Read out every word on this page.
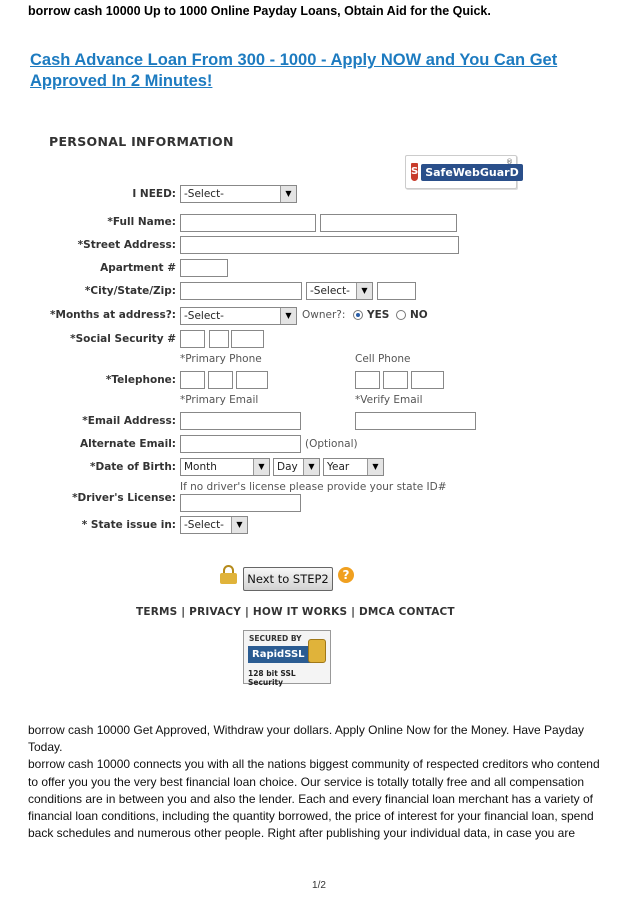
borrow cash 10000 Up to 1000 Online Payday Loans, Obtain Aid for the Quick.
Cash Advance Loan From 300 - 1000 - Apply NOW and You Can Get Approved In 2 Minutes!
PERSONAL INFORMATION
S SafeWebGuarD
®
I NEED: -Select-	▼
*Full Name:
*Street Address:
Apartment #
*City/State/Zip:	-Select-	▼
*Months at address?: -Select-	▼ Owner?: YES NO
*Social Security #
*Primary Phone	Cell Phone
*Telephone:
*Primary Email	*Verify Email
*Email Address:
Alternate Email:	(Optional)
*Date of Birth: Month	▼	Day	▼	Year	▼
If no driver's license please provide your state ID#
*Driver's License:
* State issue in: -Select-	▼
Next to STEP2	?
TERMS | PRIVACY | HOW IT WORKS | DMCA CONTACT
SECURED BY
RapidSSL
128 bit SSL Security

borrow cash 10000 Get Approved, Withdraw your dollars. Apply Online Now for the Money. Have Payday Today.

borrow cash 10000 connects you with all the nations biggest community of respected creditors who contend to offer you you the very best financial loan choice. Our service is totally totally free and all compensation conditions are in between you and also the lender. Each and every financial loan merchant has a variety of financial loan conditions, including the quantity borrowed, the price of interest for your financial loan, spend back schedules and numerous other people. Right after publishing your individual data, in case you are

1/2
